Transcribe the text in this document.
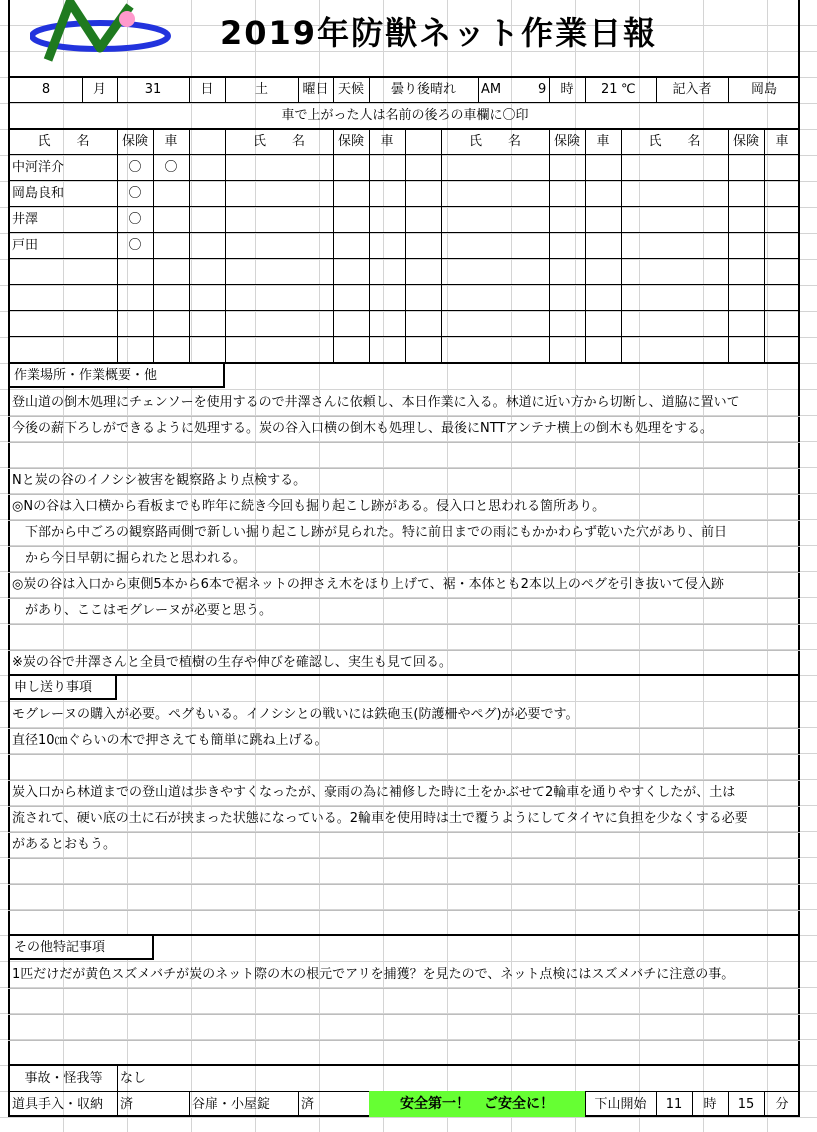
2019年防獣ネット作業日報
8	月	31	日	土	曜日 天候	曇り後晴れ	AM	9	時	21 ℃	記入者	岡島
車で上がった人は名前の後ろの車欄に〇印
氏　　名	保険	車	氏　　名	保険	車	氏　　名	保険	車	氏　　名	保険	車
中河洋介	〇	〇
岡島良和	〇
井澤	〇
戸田	〇
作業場所・作業概要・他
登山道の倒木処理にチェンソーを使用するので井澤さんに依頼し、本日作業に入る。林道に近い方から切断し、道脇に置いて
今後の薪下ろしができるように処理する。炭の谷入口横の倒木も処理し、最後にNTTアンテナ横上の倒木も処理をする。
Nと炭の谷のイノシシ被害を観察路より点検する。
◎Nの谷は入口横から看板までも昨年に続き今回も掘り起こし跡がある。侵入口と思われる箇所あり。
　下部から中ごろの観察路両側で新しい掘り起こし跡が見られた。特に前日までの雨にもかかわらず乾いた穴があり、前日
　から今日早朝に掘られたと思われる。
◎炭の谷は入口から東側5本から6本で裾ネットの押さえ木をほり上げて、裾・本体とも2本以上のペグを引き抜いて侵入跡
　があり、ここはモグレーヌが必要と思う。
※炭の谷で井澤さんと全員で植樹の生存や伸びを確認し、実生も見て回る。
申し送り事項
モグレーヌの購入が必要。ペグもいる。イノシシとの戦いには鉄砲玉(防護柵やペグ)が必要です。
直径10㎝ぐらいの木で押さえても簡単に跳ね上げる。
炭入口から林道までの登山道は歩きやすくなったが、豪雨の為に補修した時に土をかぶせて2輪車を通りやすくしたが、土は
流されて、硬い底の土に石が挟まった状態になっている。2輪車を使用時は土で覆うようにしてタイヤに負担を少なくする必要
があるとおもう。
その他特記事項
1匹だけだが黄色スズメバチが炭のネット際の木の根元でアリを捕獲？を見たので、ネット点検にはスズメバチに注意の事。
事故・怪我等	なし
道具手入・収納 済	谷扉・小屋錠 済	安全第一！　ご安全に！	下山開始	11	時	15	分
